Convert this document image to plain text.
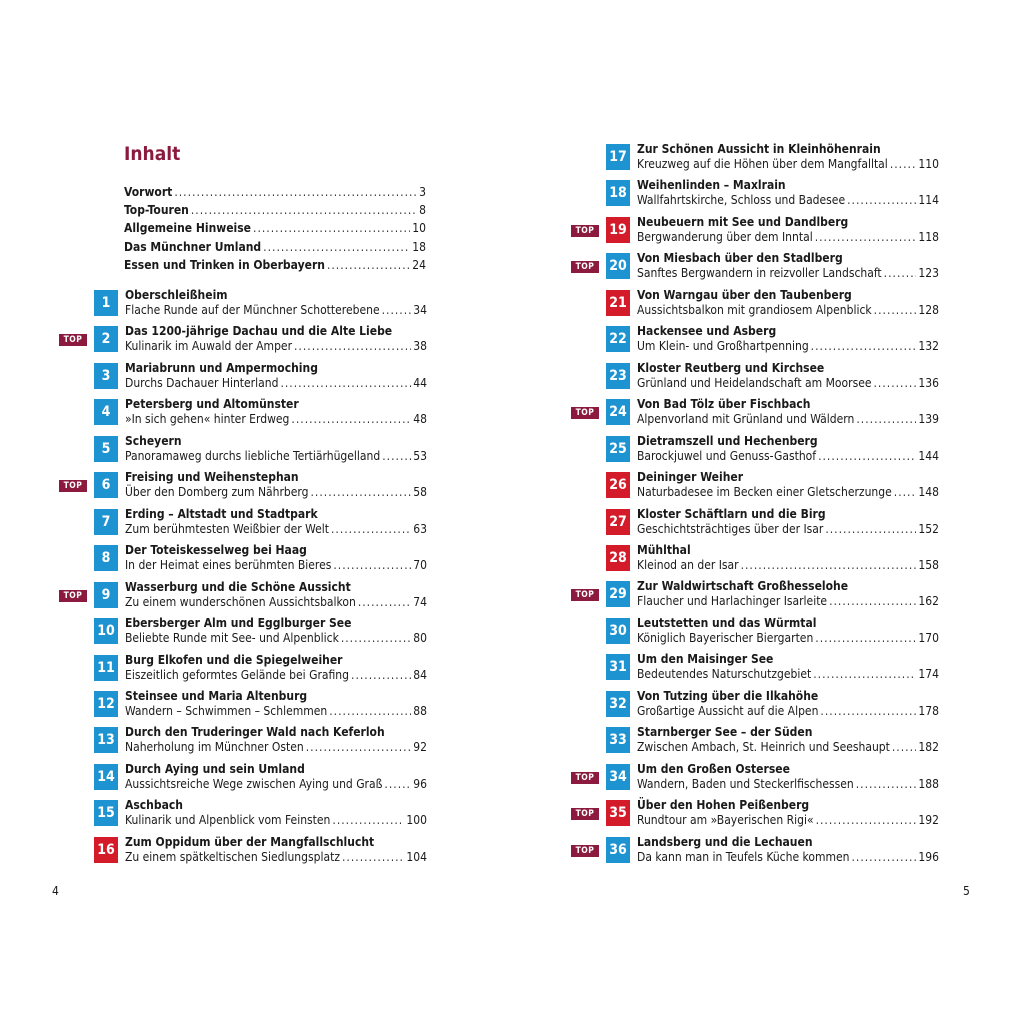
Inhalt
Vorwort .....	3
Top-Touren .....	8
Allgemeine Hinweise .....	10
Das Münchner Umland .....	18
Essen und Trinken in Oberbayern .....	24
1	Oberschleißheim
Flache Runde auf der Münchner Schotterebene .....	34
TOP	2	Das 1200-jährige Dachau und die Alte Liebe
Kulinarik im Auwald der Amper .....	38
3	Mariabrunn und Ampermoching
Durchs Dachauer Hinterland .....	44
4	Petersberg und Altomünster
»In sich gehen« hinter Erdweg .....	48
5	Scheyern
Panoramaweg durchs liebliche Tertiärhügelland .....	53
TOP	6	Freising und Weihenstephan
Über den Domberg zum Nährberg .....	58
7	Erding – Altstadt und Stadtpark
Zum berühmtesten Weißbier der Welt .....	63
8	Der Toteiskesselweg bei Haag
In der Heimat eines berühmten Bieres .....	70
TOP	9	Wasserburg und die Schöne Aussicht
Zu einem wunderschönen Aussichtsbalkon .....	74
10 Ebersberger Alm und Egglburger See
Beliebte Runde mit See- und Alpenblick .....	80
11 Burg Elkofen und die Spiegelweiher
Eiszeitlich geformtes Gelände bei Grafing .....	84
12 Steinsee und Maria Altenburg
Wandern – Schwimmen – Schlemmen .....	88
13 Durch den Truderinger Wald nach Keferloh
Naherholung im Münchner Osten .....	92
14 Durch Aying und sein Umland
Aussichtsreiche Wege zwischen Aying und Graß .....	96
15 Aschbach
Kulinarik und Alpenblick vom Feinsten .....	100
16 Zum Oppidum über der Mangfallschlucht
Zu einem spätkeltischen Siedlungsplatz .....	104
4
17 Zur Schönen Aussicht in Kleinhöhenrain
Kreuzweg auf die Höhen über dem Mangfalltal .....	110
18 Weihenlinden – Maxlrain
Wallfahrtskirche, Schloss und Badesee .....	114
TOP	19 Neubeuern mit See und Dandlberg
Bergwanderung über dem Inntal .....	118
TOP	20 Von Miesbach über den Stadlberg
Sanftes Bergwandern in reizvoller Landschaft .....	123
21 Von Warngau über den Taubenberg
Aussichtsbalkon mit grandiosem Alpenblick .....	128
22 Hackensee und Asberg
Um Klein- und Großhartpenning .....	132
23 Kloster Reutberg und Kirchsee
Grünland und Heidelandschaft am Moorsee .....	136
TOP	24 Von Bad Tölz über Fischbach
Alpenvorland mit Grünland und Wäldern .....	139
25 Dietramszell und Hechenberg
Barockjuwel und Genuss-Gasthof .....	144
26 Deininger Weiher
Naturbadesee im Becken einer Gletscherzunge ..... 148
27 Kloster Schäftlarn und die Birg
Geschichtsträchtiges über der Isar .....	152
28 Mühlthal
Kleinod an der Isar .....	158
TOP	29 Zur Waldwirtschaft Großhesselohe
Flaucher und Harlachinger Isarleite .....	162
30 Leutstetten und das Würmtal
Königlich Bayerischer Biergarten .....	170
31 Um den Maisinger See
Bedeutendes Naturschutzgebiet .....	174
32 Von Tutzing über die Ilkahöhe
Großartige Aussicht auf die Alpen .....	178
33 Starnberger See – der Süden
Zwischen Ambach, St. Heinrich und Seeshaupt ..... 182
TOP	34 Um den Großen Ostersee
Wandern, Baden und Steckerlfischessen .....	188
TOP	35 Über den Hohen Peißenberg
Rundtour am »Bayerischen Rigi« .....	192
TOP	36 Landsberg und die Lechauen
Da kann man in Teufels Küche kommen .....	196
5
